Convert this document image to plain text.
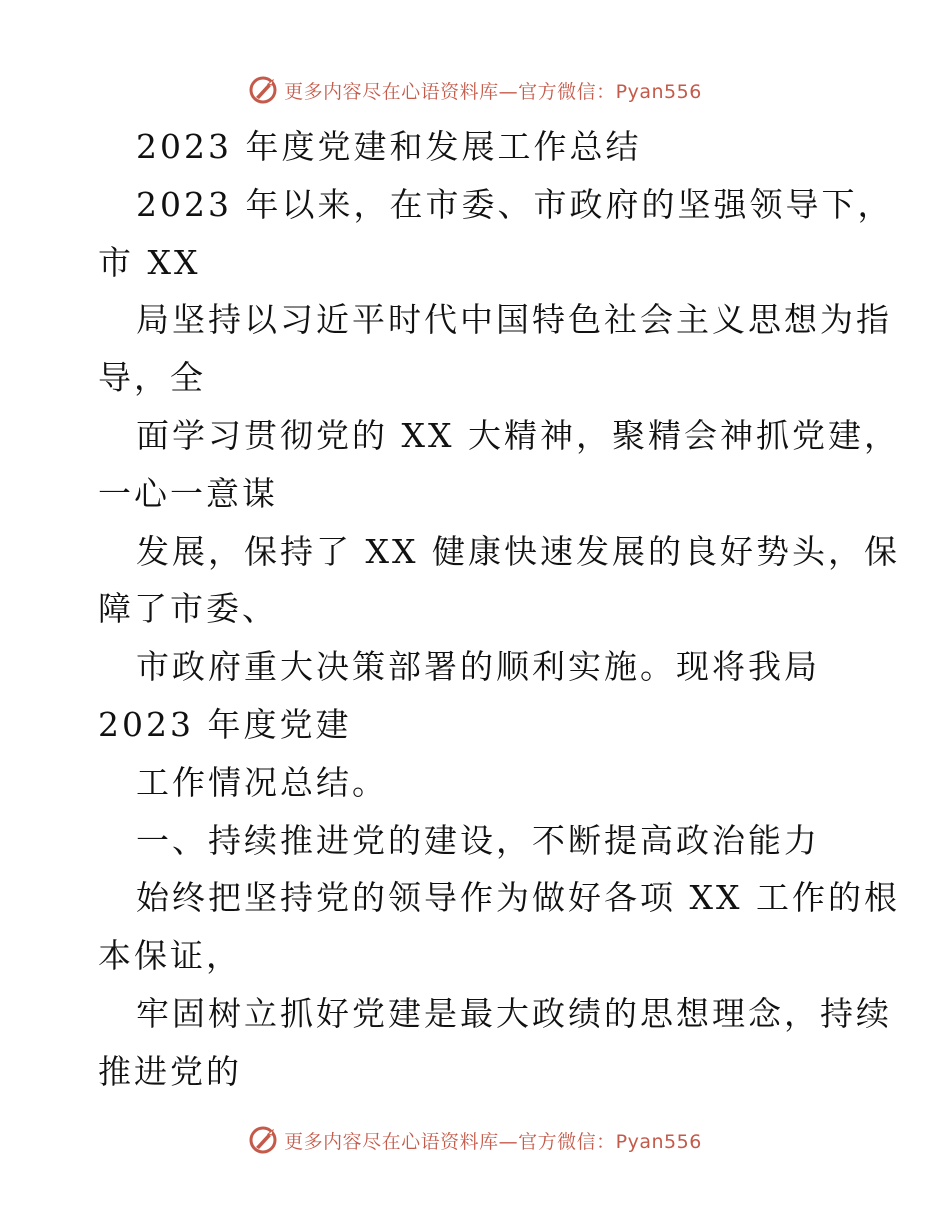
更多内容尽在心语资料库—官方微信：Pyan556
2023 年度党建和发展工作总结
2023 年以来，在市委、市政府的坚强领导下，
市 XX
局坚持以习近平时代中国特色社会主义思想为指
导，全
面学习贯彻党的 XX 大精神，聚精会神抓党建，
一心一意谋
发展，保持了 XX 健康快速发展的良好势头，保
障了市委、
市政府重大决策部署的顺利实施。现将我局
2023 年度党建
工作情况总结。
一、持续推进党的建设，不断提高政治能力
始终把坚持党的领导作为做好各项 XX 工作的根
本保证，
牢固树立抓好党建是最大政绩的思想理念，持续
推进党的
更多内容尽在心语资料库—官方微信：Pyan556
